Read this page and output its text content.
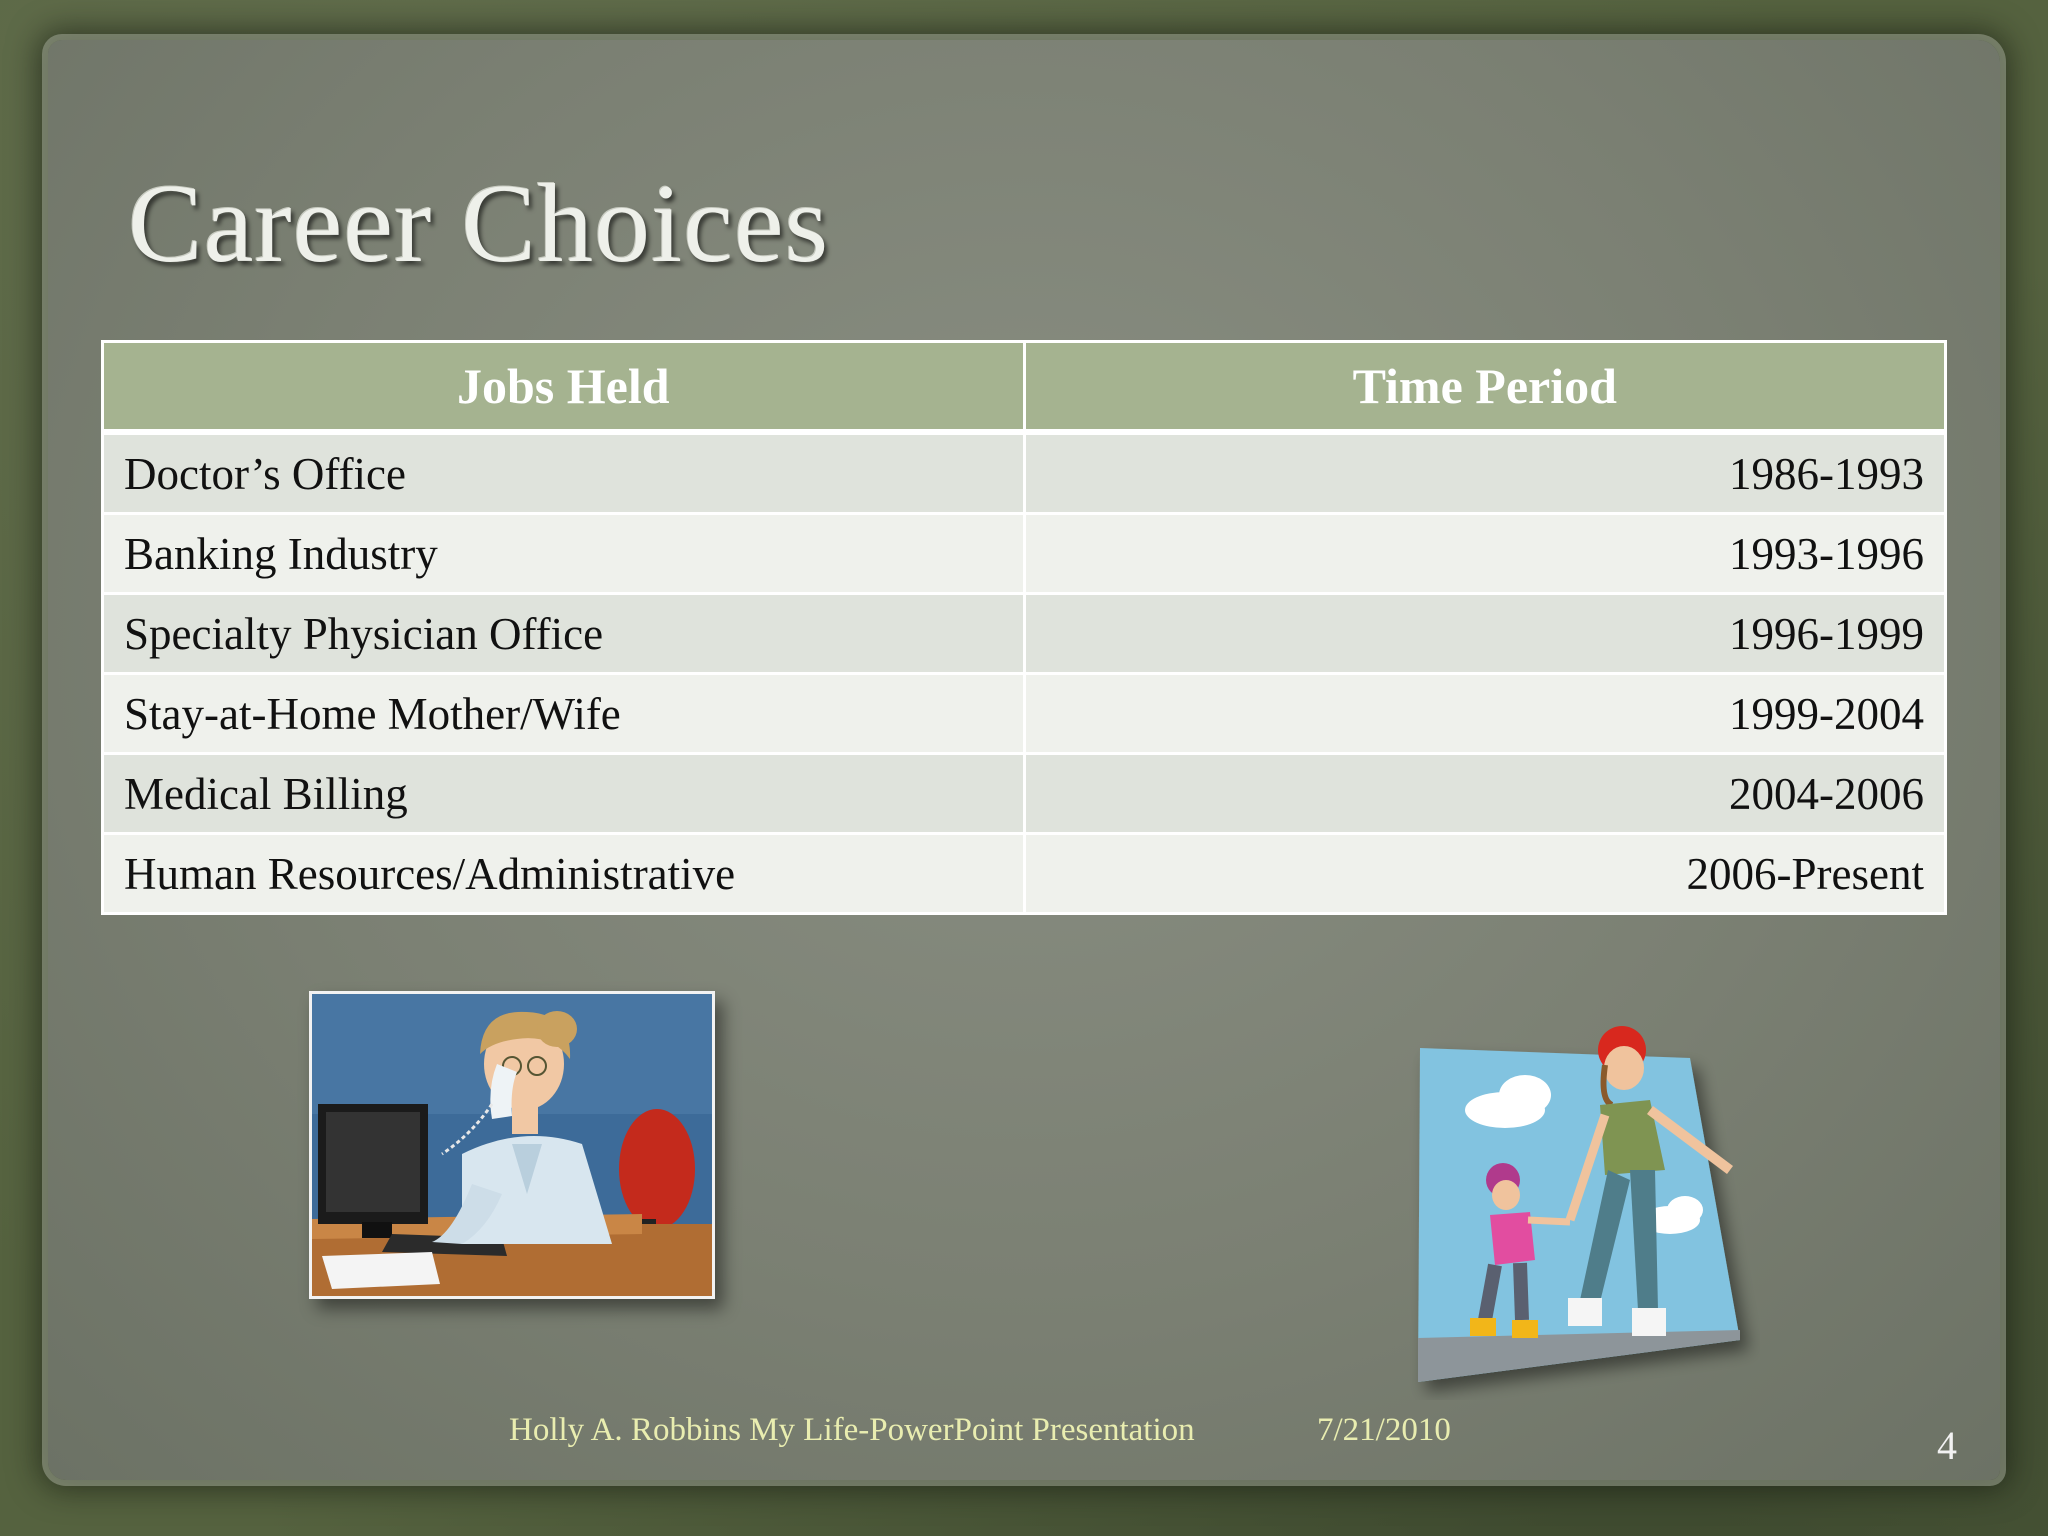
Career Choices
Jobs Held	Time Period
Doctor’s Office	1986-1993
Banking Industry	1993-1996
Specialty Physician Office	1996-1999
Stay-at-Home Mother/Wife	1999-2004
Medical Billing	2004-2006
Human Resources/Administrative	2006-Present
Holly A. Robbins My Life-PowerPoint Presentation	7/21/2010	4
